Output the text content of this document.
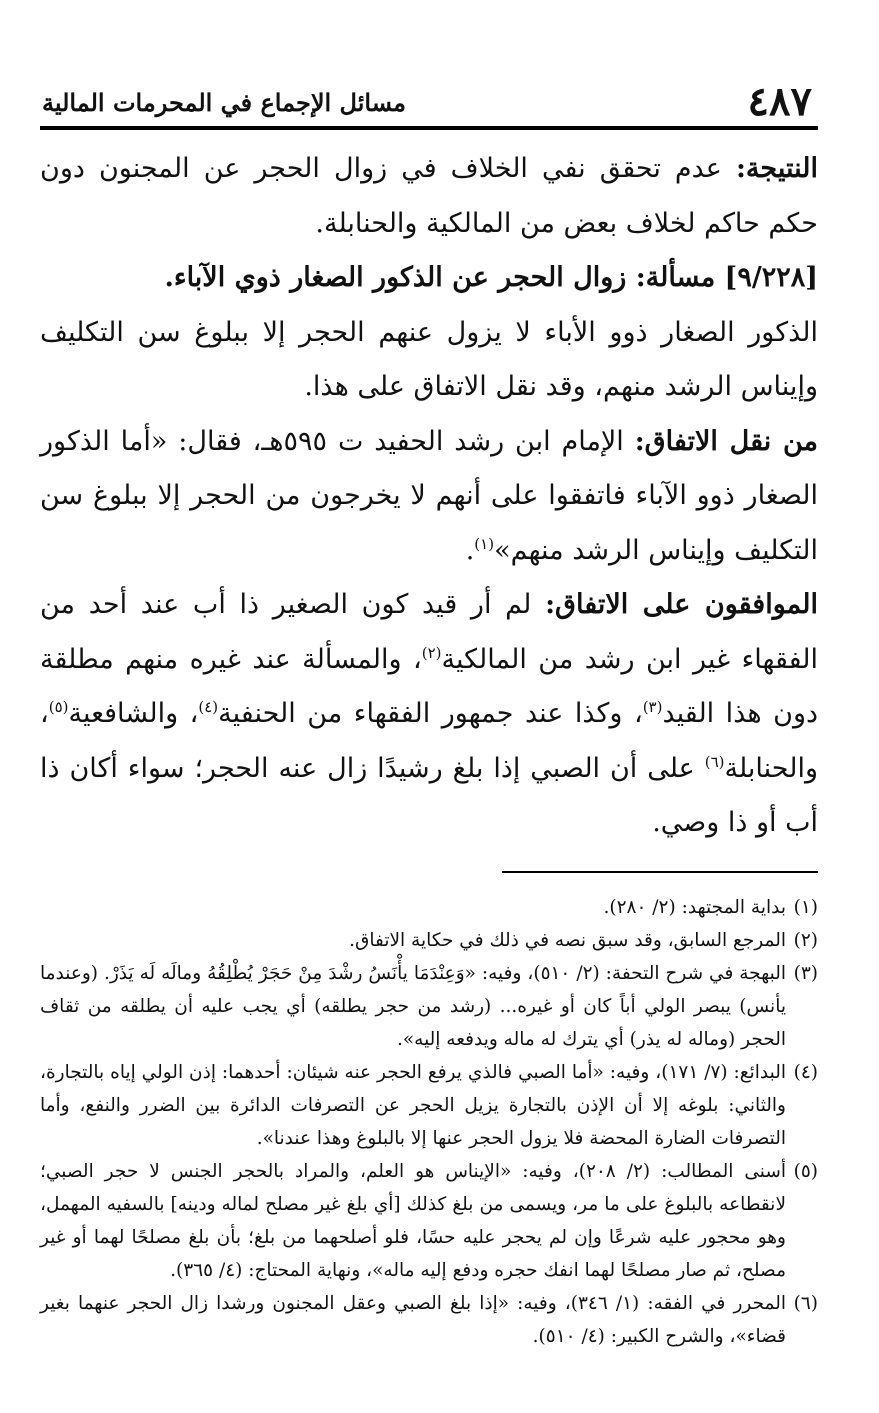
٤٨٧
مسائل الإجماع في المحرمات المالية

النتيجة: عدم تحقق نفي الخلاف في زوال الحجر عن المجنون دون حكم حاكم لخلاف بعض من المالكية والحنابلة.

[٩/٢٢٨] مسألة: زوال الحجر عن الذكور الصغار ذوي الآباء.

الذكور الصغار ذوو الأباء لا يزول عنهم الحجر إلا ببلوغ سن التكليف وإيناس الرشد منهم، وقد نقل الاتفاق على هذا.

من نقل الاتفاق: الإمام ابن رشد الحفيد ت ٥٩٥هـ، فقال: «أما الذكور الصغار ذوو الآباء فاتفقوا على أنهم لا يخرجون من الحجر إلا ببلوغ سن التكليف وإيناس الرشد منهم»$^{(١)}$.

الموافقون على الاتفاق: لم أر قيد كون الصغير ذا أب عند أحد من الفقهاء غير ابن رشد من المالكية$^{(٢)}$، والمسألة عند غيره منهم مطلقة دون هذا القيد$^{(٣)}$، وكذا عند جمهور الفقهاء من الحنفية$^{(٤)}$، والشافعية$^{(٥)}$، والحنابلة$^{(٦)}$ على أن الصبي إذا بلغ رشيدًا زال عنه الحجر؛ سواء أكان ذا أب أو ذا وصي.

(١)
بداية المجتهد: (٢/ ٢٨٠).
(٢)
المرجع السابق، وقد سبق نصه في ذلك في حكاية الاتفاق.
(٣)
البهجة في شرح التحفة: (٢/ ٥١٠)، وفيه: «وَعِنْدَمَا يأْنَسُ رشْدَ مِنْ حَجَرْ يُطْلِقُهُ ومالَه لَه يَذَرْ. (وعندما يأنس) يبصر الولي أباً كان أو غيره... (رشد من حجر يطلقه) أي يجب عليه أن يطلقه من ثقاف الحجر (وماله له يذر) أي يترك له ماله ويدفعه إليه».
(٤)
البدائع: (٧/ ١٧١)، وفيه: «أما الصبي فالذي يرفع الحجر عنه شيئان: أحدهما: إذن الولي إياه بالتجارة، والثاني: بلوغه إلا أن الإذن بالتجارة يزيل الحجر عن التصرفات الدائرة بين الضرر والنفع، وأما التصرفات الضارة المحضة فلا يزول الحجر عنها إلا بالبلوغ وهذا عندنا».
(٥)
أسنى المطالب: (٢/ ٢٠٨)، وفيه: «الإيناس هو العلم، والمراد بالحجر الجنس لا حجر الصبي؛ لانقطاعه بالبلوغ على ما مر، ويسمى من بلغ كذلك [أي بلغ غير مصلح لماله ودينه] بالسفيه المهمل، وهو محجور عليه شرعًا وإن لم يحجر عليه حسًا، فلو أصلحهما من بلغ؛ بأن بلغ مصلحًا لهما أو غير مصلح، ثم صار مصلحًا لهما انفك حجره ودفع إليه ماله»، ونهاية المحتاج: (٤/ ٣٦٥).
(٦)
المحرر في الفقه: (١/ ٣٤٦)، وفيه: «إذا بلغ الصبي وعقل المجنون ورشدا زال الحجر عنهما بغير قضاء»، والشرح الكبير: (٤/ ٥١٠).
